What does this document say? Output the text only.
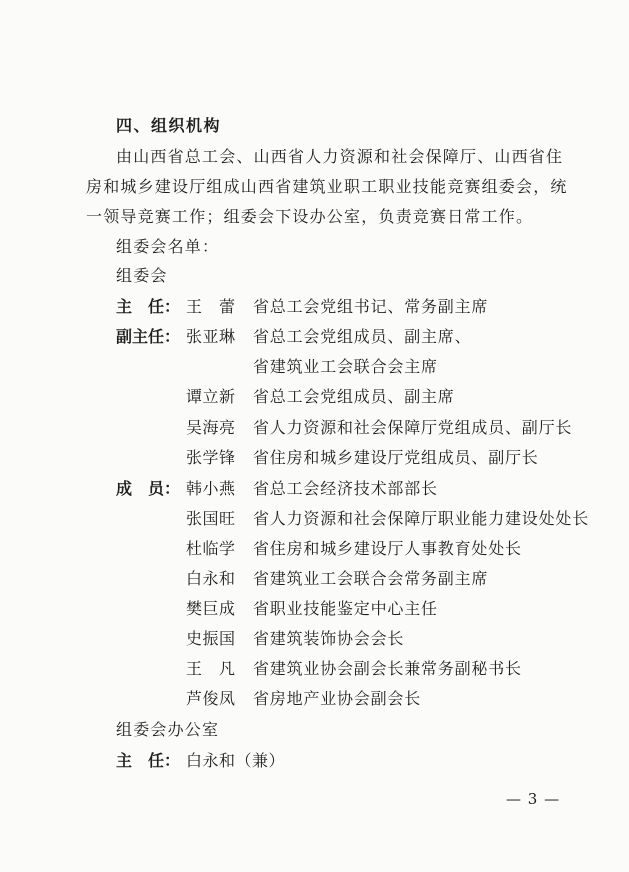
四、组织机构
由山西省总工会、山西省人力资源和社会保障厅、山西省住
房和城乡建设厅组成山西省建筑业职工职业技能竞赛组委会，统
一领导竞赛工作；组委会下设办公室，负责竞赛日常工作。
组委会名单：
组委会
主　任： 王　蕾 省总工会党组书记、常务副主席
副主任： 张亚琳 省总工会党组成员、副主席、
省建筑业工会联合会主席
谭立新 省总工会党组成员、副主席
吴海亮 省人力资源和社会保障厅党组成员、副厅长
张学锋 省住房和城乡建设厅党组成员、副厅长
成　员： 韩小燕 省总工会经济技术部部长
张国旺 省人力资源和社会保障厅职业能力建设处处长
杜临学 省住房和城乡建设厅人事教育处处长
白永和 省建筑业工会联合会常务副主席
樊巨成 省职业技能鉴定中心主任
史振国 省建筑装饰协会会长
王　凡 省建筑业协会副会长兼常务副秘书长
芦俊凤 省房地产业协会副会长
组委会办公室
主　任： 白永和（兼）
— 3 —
